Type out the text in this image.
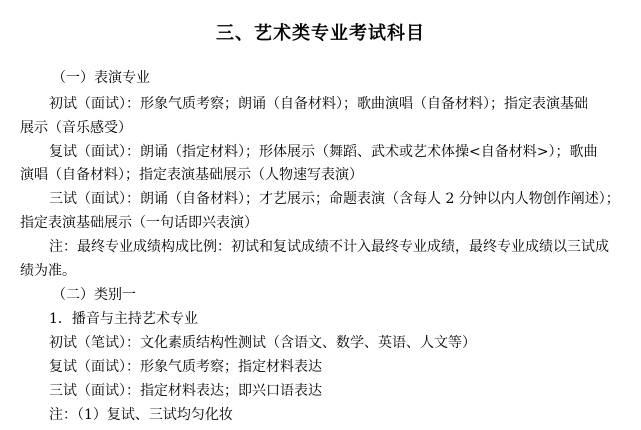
三、艺术类专业考试科目
（一）表演专业
初试（面试）：形象气质考察；朗诵（自备材料）；歌曲演唱（自备材料）；指定表演基础
展示（音乐感受）
复试（面试）：朗诵（指定材料）；形体展示（舞蹈、武术或艺术体操<自备材料>）；歌曲
演唱（自备材料）；指定表演基础展示（人物速写表演）
三试（面试）：朗诵（自备材料）；才艺展示；命题表演（含每人 2 分钟以内人物创作阐述）；
指定表演基础展示（一句话即兴表演）
注：最终专业成绩构成比例：初试和复试成绩不计入最终专业成绩，最终专业成绩以三试成
绩为准。
（二）类别一
1．播音与主持艺术专业
初试（笔试）：文化素质结构性测试（含语文、数学、英语、人文等）
复试（面试）：形象气质考察；指定材料表达
三试（面试）：指定材料表达；即兴口语表达
注：（1）复试、三试均匀化妆
